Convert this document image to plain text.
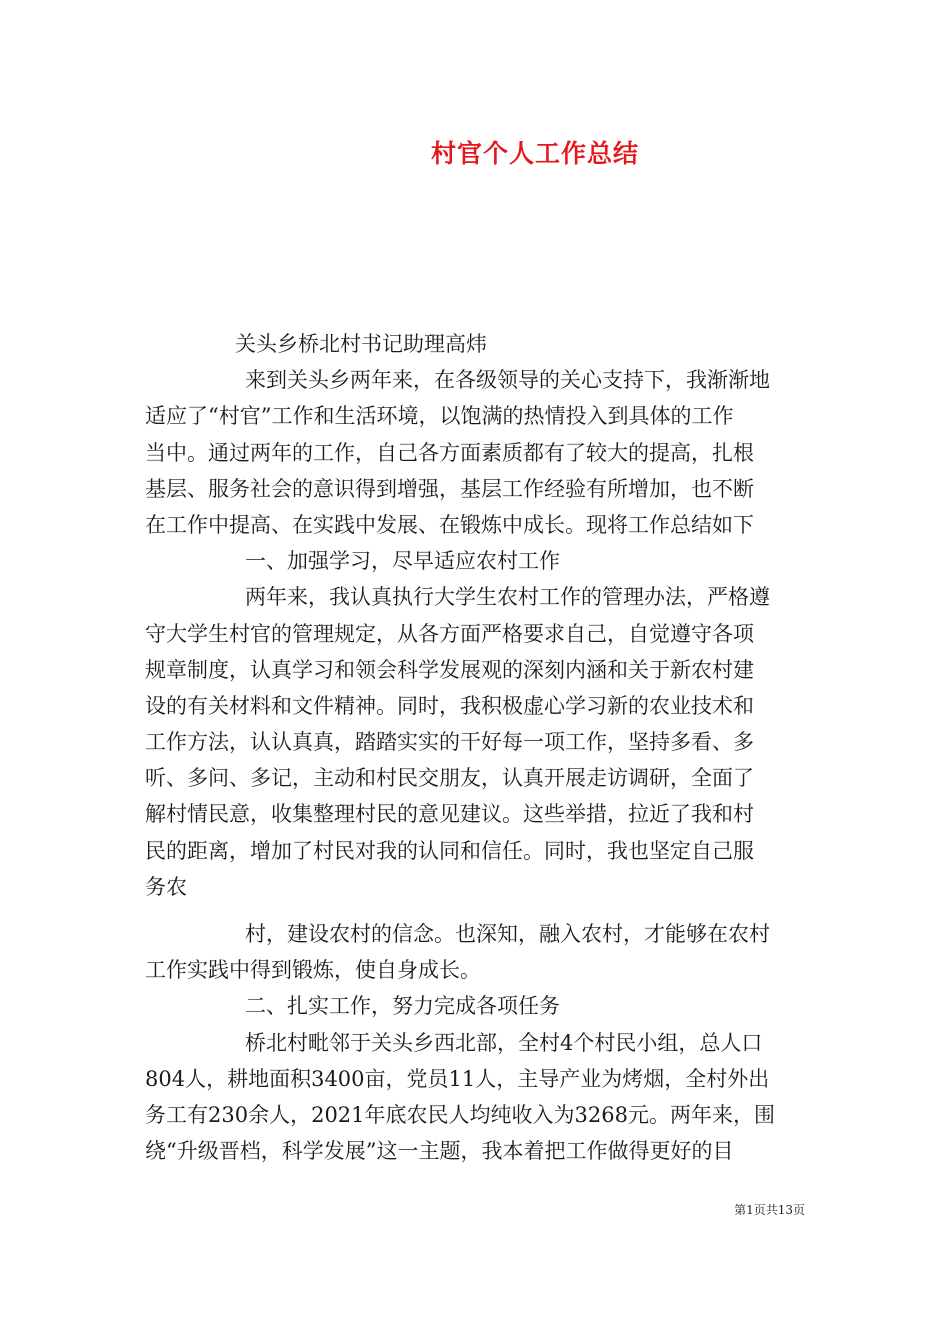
村官个人工作总结
关头乡桥北村书记助理高炜
来到关头乡两年来，在各级领导的关心支持下，我渐渐地
适应了“村官”工作和生活环境，以饱满的热情投入到具体的工作
当中。通过两年的工作，自己各方面素质都有了较大的提高，扎根
基层、服务社会的意识得到增强，基层工作经验有所增加，也不断
在工作中提高、在实践中发展、在锻炼中成长。现将工作总结如下
一、加强学习，尽早适应农村工作
两年来，我认真执行大学生农村工作的管理办法，严格遵
守大学生村官的管理规定，从各方面严格要求自己，自觉遵守各项
规章制度，认真学习和领会科学发展观的深刻内涵和关于新农村建
设的有关材料和文件精神。同时，我积极虚心学习新的农业技术和
工作方法，认认真真，踏踏实实的干好每一项工作，坚持多看、多
听、多问、多记，主动和村民交朋友，认真开展走访调研，全面了
解村情民意，收集整理村民的意见建议。这些举措，拉近了我和村
民的距离，增加了村民对我的认同和信任。同时，我也坚定自己服
务农
村，建设农村的信念。也深知，融入农村，才能够在农村
工作实践中得到锻炼，使自身成长。
二、扎实工作，努力完成各项任务
桥北村毗邻于关头乡西北部，全村4个村民小组，总人口
804人，耕地面积3400亩，党员11人，主导产业为烤烟，全村外出
务工有230余人，2021年底农民人均纯收入为3268元。两年来，围
绕“升级晋档，科学发展”这一主题，我本着把工作做得更好的目
第1页共13页
